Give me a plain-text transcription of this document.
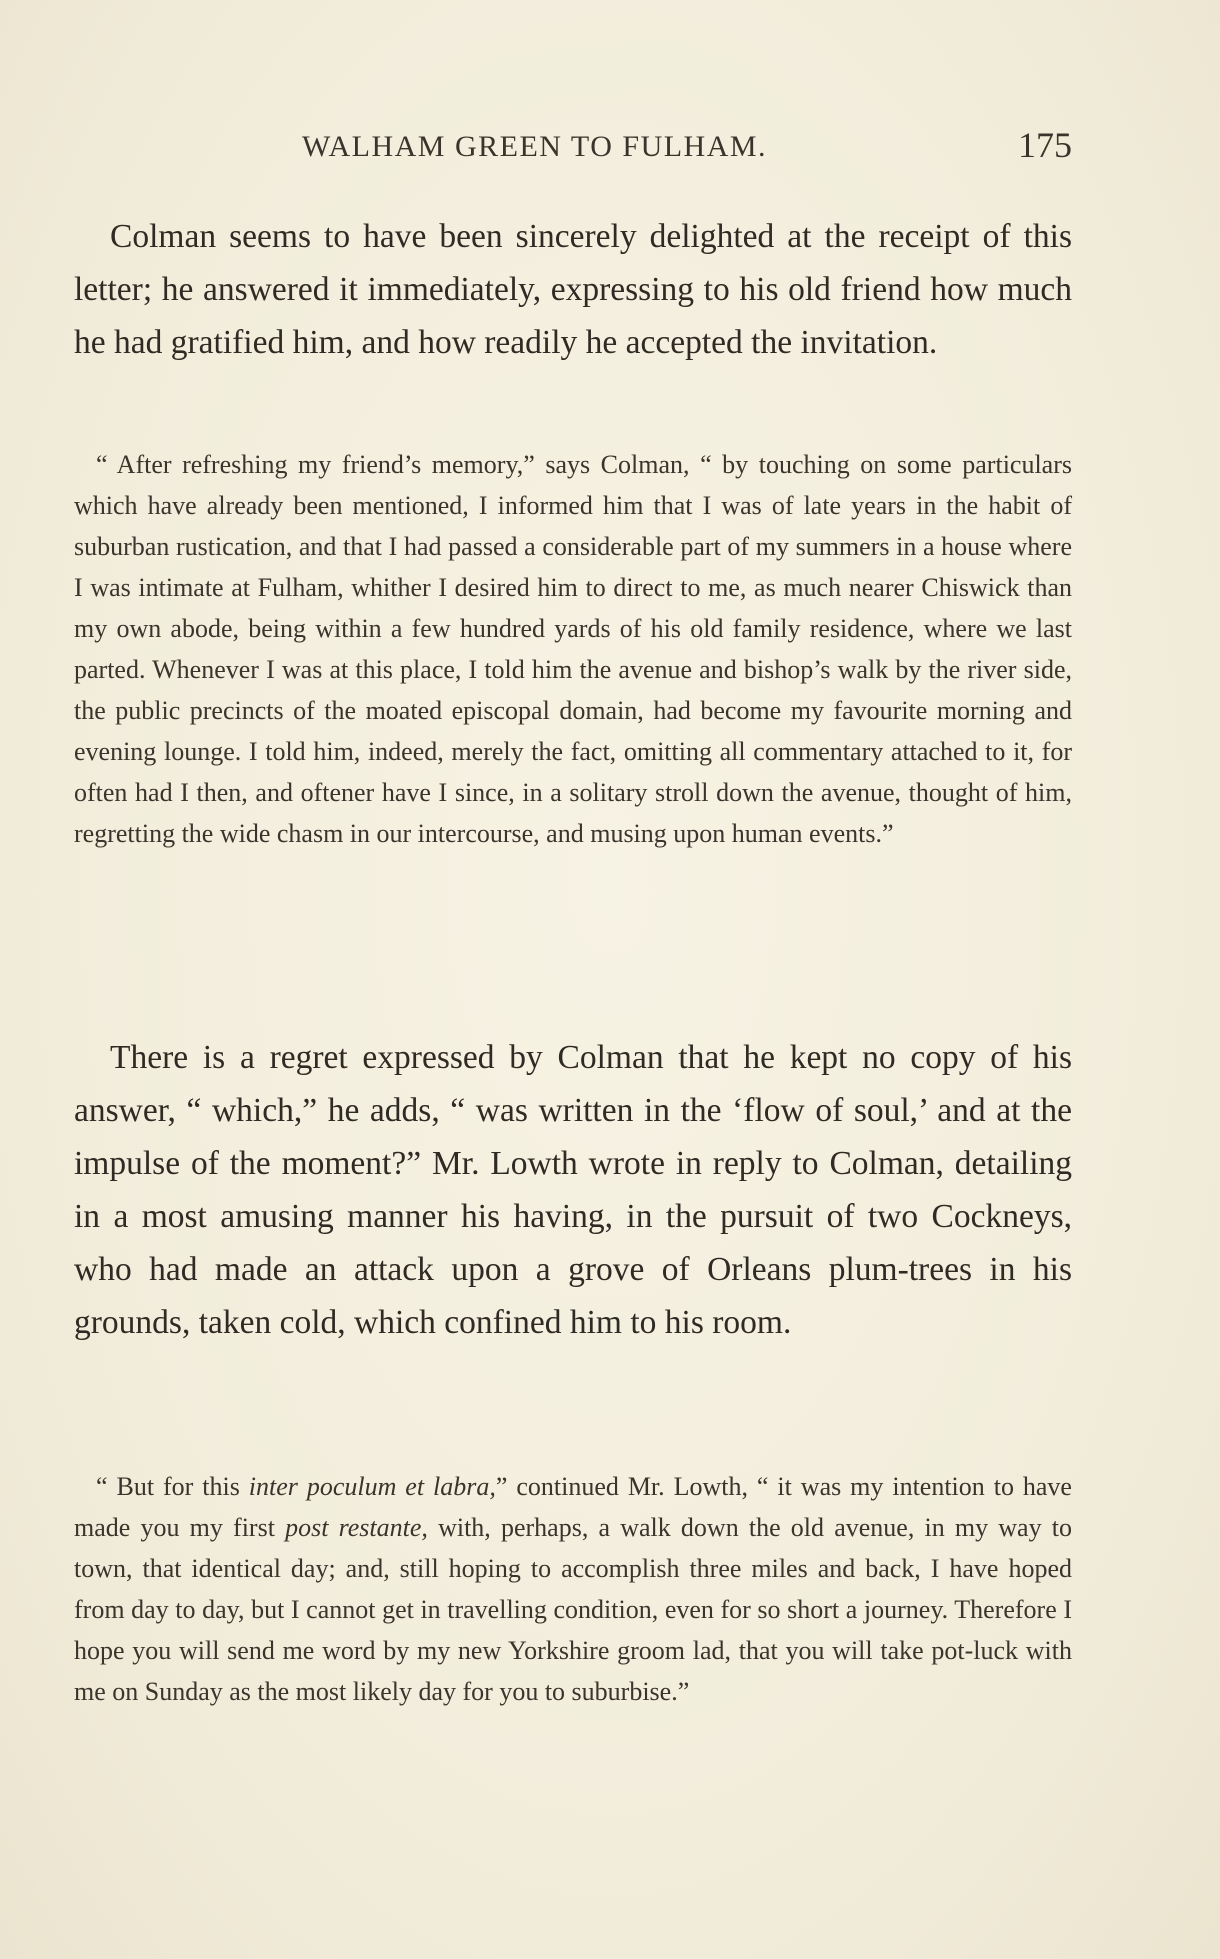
WALHAM GREEN TO FULHAM.	175

Colman seems to have been sincerely delighted at the receipt of this letter; he answered it immediately, expressing to his old friend how much he had gratified him, and how readily he accepted the invitation.

“ After refreshing my friend’s memory,” says Colman, “ by touching on some particulars which have already been mentioned, I informed him that I was of late years in the habit of suburban rustication, and that I had passed a considerable part of my summers in a house where I was intimate at Fulham, whither I desired him to direct to me, as much nearer Chiswick than my own abode, being within a few hundred yards of his old family residence, where we last parted. Whenever I was at this place, I told him the avenue and bishop’s walk by the river side, the public precincts of the moated episcopal domain, had become my favourite morning and evening lounge. I told him, indeed, merely the fact, omitting all commentary attached to it, for often had I then, and oftener have I since, in a solitary stroll down the avenue, thought of him, regretting the wide chasm in our intercourse, and musing upon human events.”

There is a regret expressed by Colman that he kept no copy of his answer, “ which,” he adds, “ was written in the ‘flow of soul,’ and at the impulse of the moment?” Mr. Lowth wrote in reply to Colman, detailing in a most amusing manner his having, in the pursuit of two Cockneys, who had made an attack upon a grove of Orleans plum-trees in his grounds, taken cold, which confined him to his room.

“ But for this inter poculum et labra,” continued Mr. Lowth, “ it was my intention to have made you my first post restante, with, perhaps, a walk down the old avenue, in my way to town, that identical day; and, still hoping to accomplish three miles and back, I have hoped from day to day, but I cannot get in travelling condition, even for so short a journey. Therefore I hope you will send me word by my new Yorkshire groom lad, that you will take pot-luck with me on Sunday as the most likely day for you to suburbise.”
